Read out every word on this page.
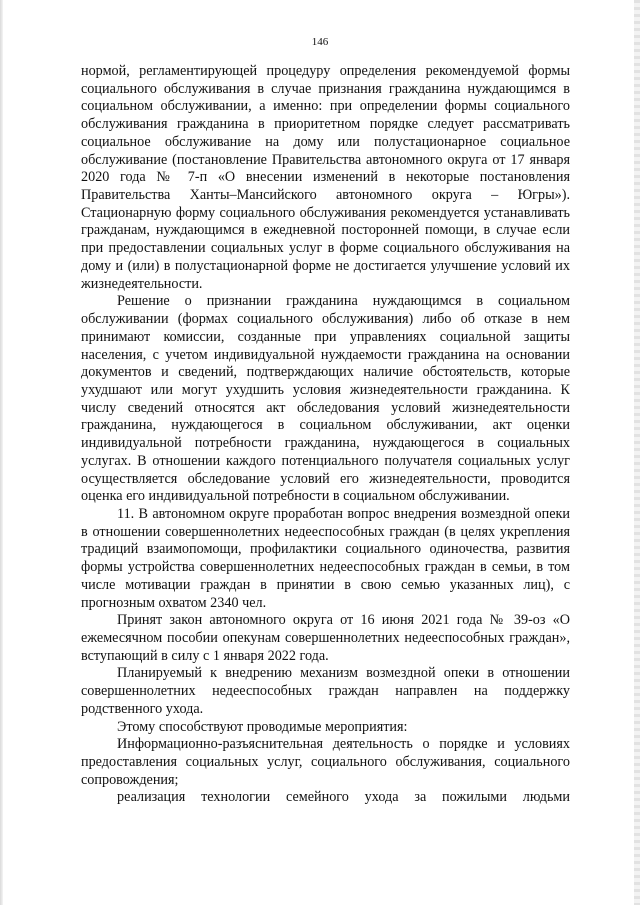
146

нормой, регламентирующей процедуру определения рекомендуемой формы социального обслуживания в случае признания гражданина нуждающимся в социальном обслуживании, а именно: при определении формы социального обслуживания гражданина в приоритетном порядке следует рассматривать социальное обслуживание на дому или полустационарное социальное обслуживание (постановление Правительства автономного округа от 17 января 2020 года № 7-п «О внесении изменений в некоторые постановления Правительства Ханты–Мансийского автономного округа – Югры»). Стационарную форму социального обслуживания рекомендуется устанавливать гражданам, нуждающимся в ежедневной посторонней помощи, в случае если при предоставлении социальных услуг в форме социального обслуживания на дому и (или) в полустационарной форме не достигается улучшение условий их жизнедеятельности.

Решение о признании гражданина нуждающимся в социальном обслуживании (формах социального обслуживания) либо об отказе в нем принимают комиссии, созданные при управлениях социальной защиты населения, с учетом индивидуальной нуждаемости гражданина на основании документов и сведений, подтверждающих наличие обстоятельств, которые ухудшают или могут ухудшить условия жизнедеятельности гражданина. К числу сведений относятся акт обследования условий жизнедеятельности гражданина, нуждающегося в социальном обслуживании, акт оценки индивидуальной потребности гражданина, нуждающегося в социальных услугах. В отношении каждого потенциального получателя социальных услуг осуществляется обследование условий его жизнедеятельности, проводится оценка его индивидуальной потребности в социальном обслуживании.

11. В автономном округе проработан вопрос внедрения возмездной опеки в отношении совершеннолетних недееспособных граждан (в целях укрепления традиций взаимопомощи, профилактики социального одиночества, развития формы устройства совершеннолетних недееспособных граждан в семьи, в том числе мотивации граждан в принятии в свою семью указанных лиц), с прогнозным охватом 2340 чел.

Принят закон автономного округа от 16 июня 2021 года № 39-оз «О ежемесячном пособии опекунам совершеннолетних недееспособных граждан», вступающий в силу с 1 января 2022 года.

Планируемый к внедрению механизм возмездной опеки в отношении совершеннолетних недееспособных граждан направлен на поддержку родственного ухода.

Этому способствуют проводимые мероприятия:

Информационно-разъяснительная деятельность о порядке и условиях предоставления социальных услуг, социального обслуживания, социального сопровождения;

реализация технологии семейного ухода за пожилыми людьми
